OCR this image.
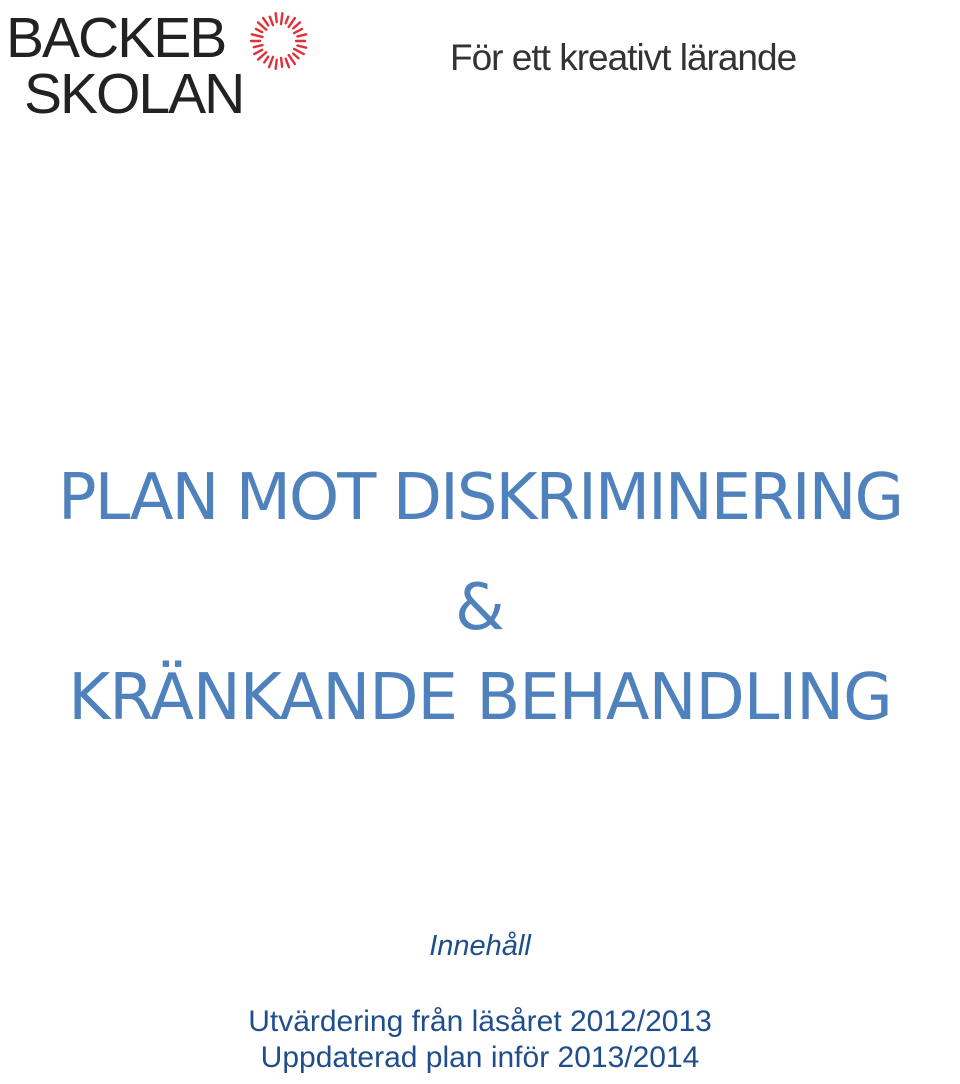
BACKEB
SKOLAN
För ett kreativt lärande
PLAN MOT DISKRIMINERING
&
KRÄNKANDE BEHANDLING
Innehåll
Utvärdering från läsåret 2012/2013
Uppdaterad plan inför 2013/2014
